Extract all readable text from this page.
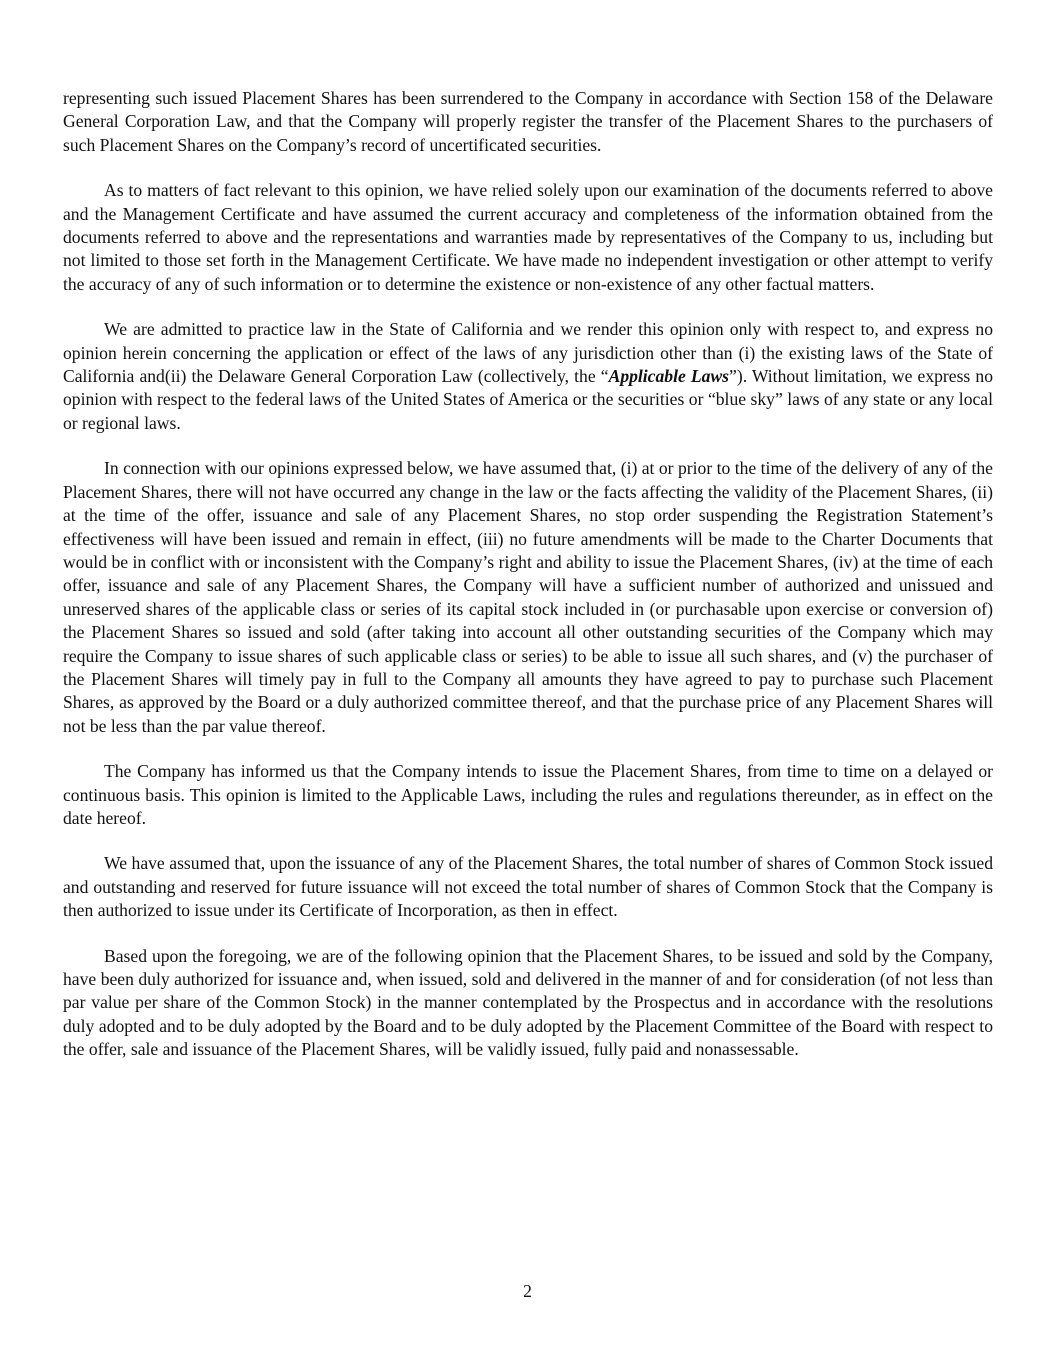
representing such issued Placement Shares has been surrendered to the Company in accordance with Section 158 of the Delaware General Corporation Law, and that the Company will properly register the transfer of the Placement Shares to the purchasers of such Placement Shares on the Company’s record of uncertificated securities.

As to matters of fact relevant to this opinion, we have relied solely upon our examination of the documents referred to above and the Management Certificate and have assumed the current accuracy and completeness of the information obtained from the documents referred to above and the representations and warranties made by representatives of the Company to us, including but not limited to those set forth in the Management Certificate. We have made no independent investigation or other attempt to verify the accuracy of any of such information or to determine the existence or non-existence of any other factual matters.

We are admitted to practice law in the State of California and we render this opinion only with respect to, and express no opinion herein concerning the application or effect of the laws of any jurisdiction other than (i) the existing laws of the State of California and(ii) the Delaware General Corporation Law (collectively, the “Applicable Laws”). Without limitation, we express no opinion with respect to the federal laws of the United States of America or the securities or “blue sky” laws of any state or any local or regional laws.

In connection with our opinions expressed below, we have assumed that, (i) at or prior to the time of the delivery of any of the Placement Shares, there will not have occurred any change in the law or the facts affecting the validity of the Placement Shares, (ii) at the time of the offer, issuance and sale of any Placement Shares, no stop order suspending the Registration Statement’s effectiveness will have been issued and remain in effect, (iii) no future amendments will be made to the Charter Documents that would be in conflict with or inconsistent with the Company’s right and ability to issue the Placement Shares, (iv) at the time of each offer, issuance and sale of any Placement Shares, the Company will have a sufficient number of authorized and unissued and unreserved shares of the applicable class or series of its capital stock included in (or purchasable upon exercise or conversion of) the Placement Shares so issued and sold (after taking into account all other outstanding securities of the Company which may require the Company to issue shares of such applicable class or series) to be able to issue all such shares, and (v) the purchaser of the Placement Shares will timely pay in full to the Company all amounts they have agreed to pay to purchase such Placement Shares, as approved by the Board or a duly authorized committee thereof, and that the purchase price of any Placement Shares will not be less than the par value thereof.

The Company has informed us that the Company intends to issue the Placement Shares, from time to time on a delayed or continuous basis. This opinion is limited to the Applicable Laws, including the rules and regulations thereunder, as in effect on the date hereof.

We have assumed that, upon the issuance of any of the Placement Shares, the total number of shares of Common Stock issued and outstanding and reserved for future issuance will not exceed the total number of shares of Common Stock that the Company is then authorized to issue under its Certificate of Incorporation, as then in effect.

Based upon the foregoing, we are of the following opinion that the Placement Shares, to be issued and sold by the Company, have been duly authorized for issuance and, when issued, sold and delivered in the manner of and for consideration (of not less than par value per share of the Common Stock) in the manner contemplated by the Prospectus and in accordance with the resolutions duly adopted and to be duly adopted by the Board and to be duly adopted by the Placement Committee of the Board with respect to the offer, sale and issuance of the Placement Shares, will be validly issued, fully paid and nonassessable.

2
